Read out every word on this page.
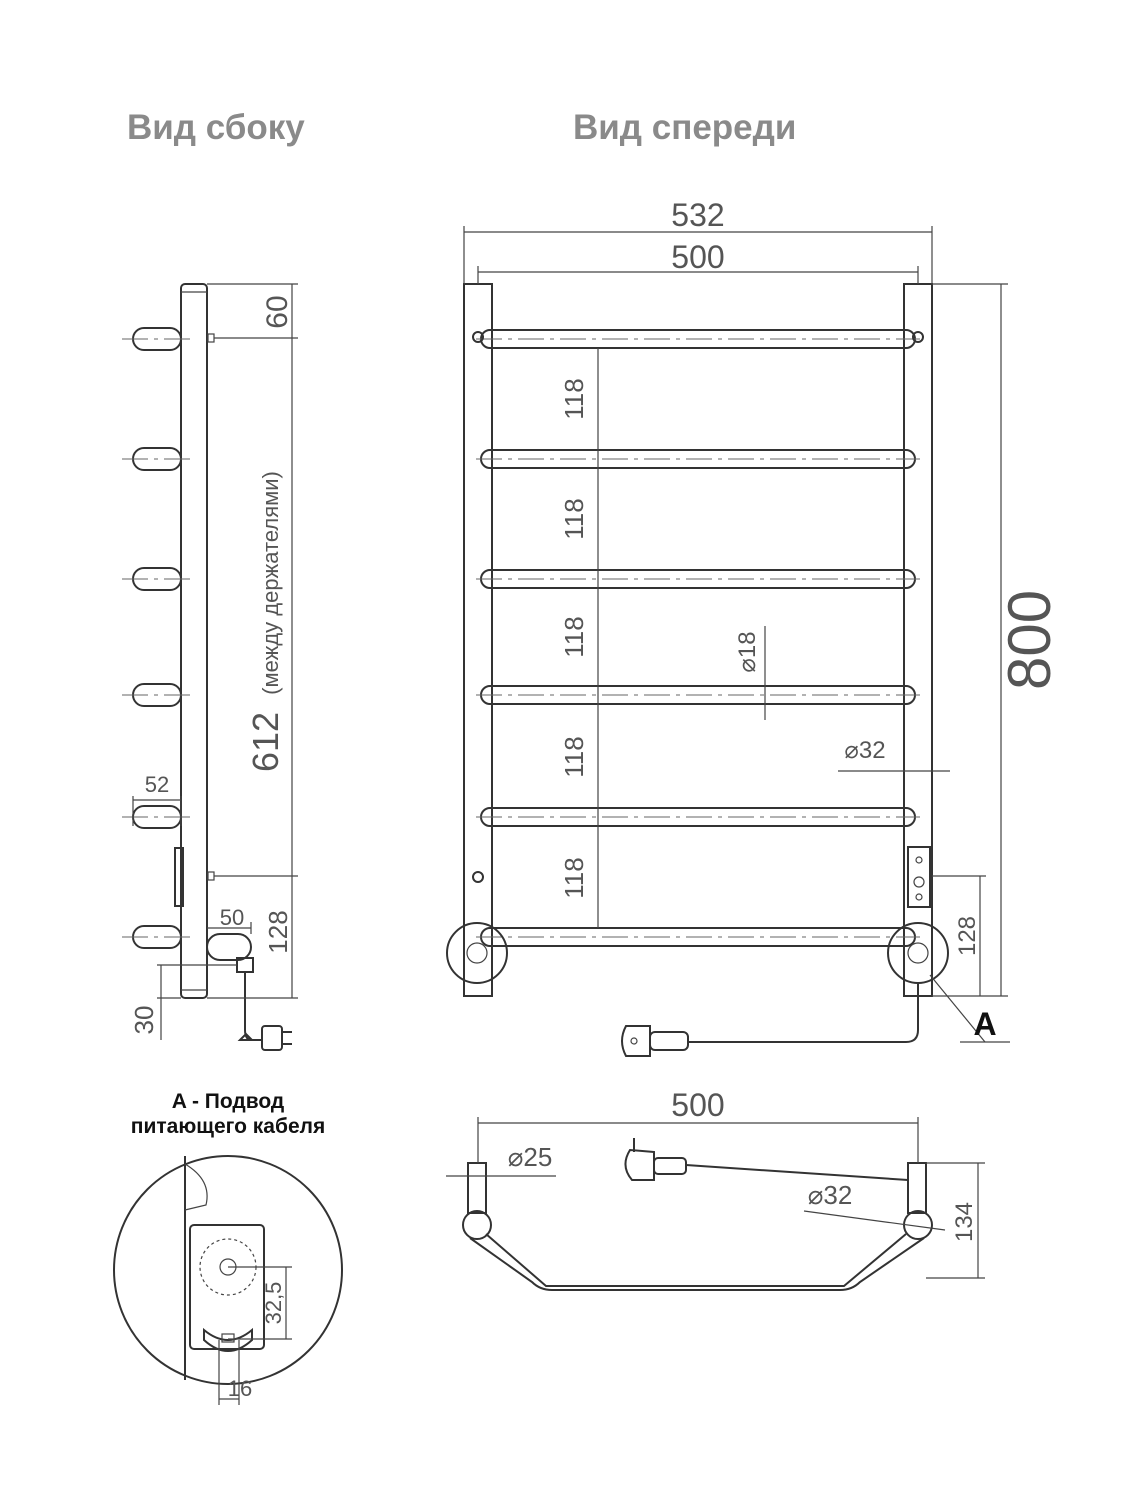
Вид сбоку	Вид спереди
60
612
(между держателями)
52
128
50
30	A
532
500
800
118
118
118
118
118
⌀18
⌀32
128
500
⌀25
⌀32
134
A - Подвод
питающего кабеля
32,5
16
